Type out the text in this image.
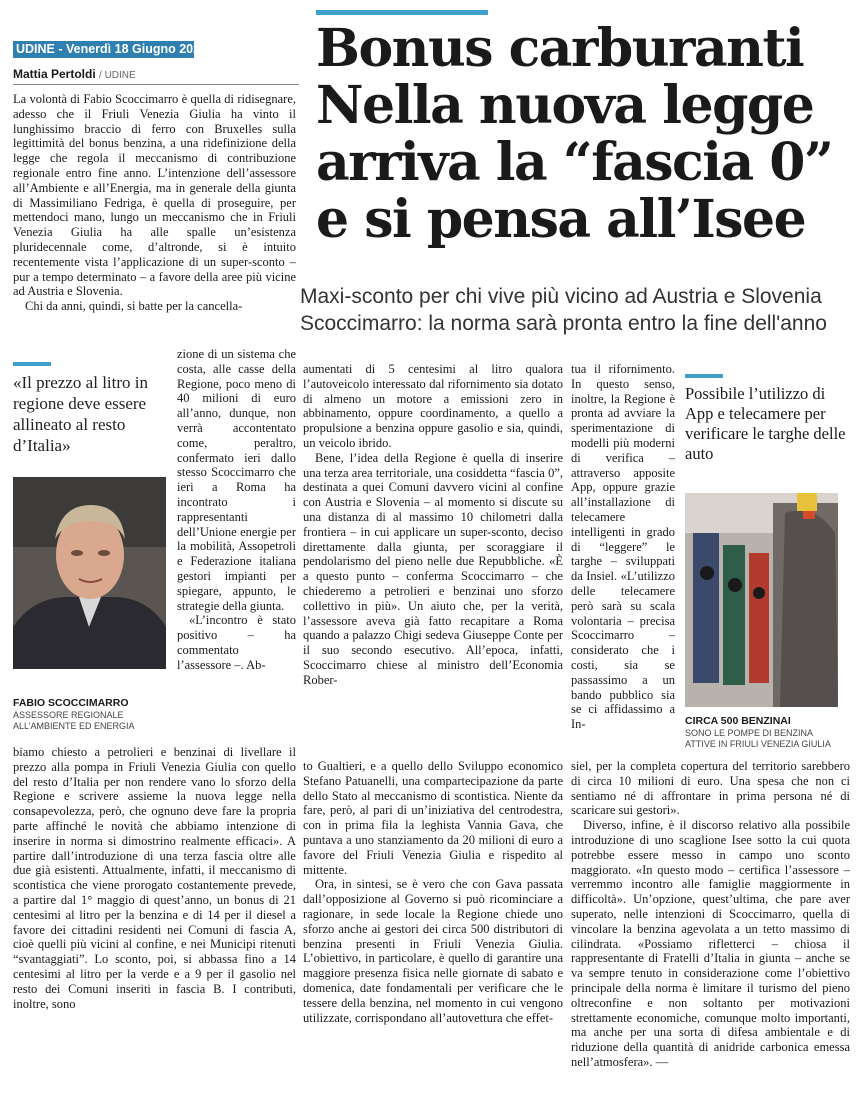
UDINE - Venerdì 18 Giugno 2021
Mattia Pertoldi / UDINE	Bonus carburanti Nella nuova legge arriva la “fascia 0” e si pensa all’Isee
Maxi-sconto per chi vive più vicino ad Austria e Slovenia
Scoccimarro: la norma sarà pronta entro la fine dell'anno

La volontà di Fabio Scoccimarro è quella di ridisegnare, adesso che il Friuli Venezia Giulia ha vinto il lunghissimo braccio di ferro con Bruxelles sulla legittimità del bonus benzina, a una ridefinizione della legge che regola il meccanismo di contribuzione regionale entro fine anno. L’intenzione dell’assessore all’Ambiente e all’Energia, ma in generale della giunta di Massimiliano Fedriga, è quella di proseguire, per mettendoci mano, lungo un meccanismo che in Friuli Venezia Giulia ha alle spalle un’esistenza pluridecennale come, d’altronde, si è intuito recentemente vista l’applicazione di un super-sconto – pur a tempo determinato – a favore della aree più vicine ad Austria e Slovenia.

Chi da anni, quindi, si batte per la cancella-

«Il prezzo al litro in regione deve essere allineato al resto d’Italia»
FABIO SCOCCIMARRO
ASSESSORE REGIONALE
ALL’AMBIENTE ED ENERGIA

zione di un sistema che costa, alle casse della Regione, poco meno di 40 milioni di euro all’anno, dunque, non verrà accontentato come, peraltro, confermato ieri dallo stesso Scoccimarro che ieri a Roma ha incontrato i rappresentanti dell’Unione energie per la mobilità, Assopetroli e Federazione italiana gestori impianti per spiegare, appunto, le strategie della giunta.

«L’incontro è stato positivo – ha commentato l’assessore –. Ab-

biamo chiesto a petrolieri e benzinai di livellare il prezzo alla pompa in Friuli Venezia Giulia con quello del resto d’Italia per non rendere vano lo sforzo della Regione e scrivere assieme la nuova legge nella consapevolezza, però, che ognuno deve fare la propria parte affinché le novità che abbiamo intenzione di inserire in norma si dimostrino realmente efficaci». A partire dall’introduzione di una terza fascia oltre alle due già esistenti. Attualmente, infatti, il meccanismo di scontistica che viene prorogato costantemente prevede, a partire dal 1° maggio di quest’anno, un bonus di 21 centesimi al litro per la benzina e di 14 per il diesel a favore dei cittadini residenti nei Comuni di fascia A, cioè quelli più vicini al confine, e nei Municipi ritenuti “svantaggiati”. Lo sconto, poi, si abbassa fino a 14 centesimi al litro per la verde e a 9 per il gasolio nel resto dei Comuni inseriti in fascia B. I contributi, inoltre, sono

aumentati di 5 centesimi al litro qualora l’autoveicolo interessato dal rifornimento sia dotato di almeno un motore a emissioni zero in abbinamento, oppure coordinamento, a quello a propulsione a benzina oppure gasolio e sia, quindi, un veicolo ibrido.

Bene, l’idea della Regione è quella di inserire una terza area territoriale, una cosiddetta “fascia 0”, destinata a quei Comuni davvero vicini al confine con Austria e Slovenia – al momento si discute su una distanza di al massimo 10 chilometri dalla frontiera – in cui applicare un super-sconto, deciso direttamente dalla giunta, per scoraggiare il pendolarismo del pieno nelle due Repubbliche. «È a questo punto – conferma Scoccimarro – che chiederemo a petrolieri e benzinai uno sforzo collettivo in più». Un aiuto che, per la verità, l’assessore aveva già fatto recapitare a Roma quando a palazzo Chigi sedeva Giuseppe Conte per il suo secondo esecutivo. All’epoca, infatti, Scoccimarro chiese al ministro dell’Economia Rober-

to Gualtieri, e a quello dello Sviluppo economico Stefano Patuanelli, una compartecipazione da parte dello Stato al meccanismo di scontistica. Niente da fare, però, al pari di un’iniziativa del centrodestra, con in prima fila la leghista Vannia Gava, che puntava a uno stanziamento da 20 milioni di euro a favore del Friuli Venezia Giulia e rispedito al mittente.

Ora, in sintesi, se è vero che con Gava passata dall’opposizione al Governo si può ricominciare a ragionare, in sede locale la Regione chiede uno sforzo anche ai gestori dei circa 500 distributori di benzina presenti in Friuli Venezia Giulia. L’obiettivo, in particolare, è quello di garantire una maggiore presenza fisica nelle giornate di sabato e domenica, date fondamentali per verificare che le tessere della benzina, nel momento in cui vengono utilizzate, corrispondano all’autovettura che effet-

tua il rifornimento. In questo senso, inoltre, la Regione è pronta ad avviare la sperimentazione di modelli più moderni di verifica – attraverso apposite App, oppure grazie all’installazione di telecamere intelligenti in grado di “leggere” le targhe – sviluppati da Insiel. «L’utilizzo delle telecamere però sarà su scala volontaria – precisa Scoccimarro – considerato che i costi, sia se passassimo a un bando pubblico sia se ci affidassimo a In-

Possibile l’utilizzo di App e telecamere per verificare le targhe delle auto
CIRCA 500 BENZINAI
SONO LE POMPE DI BENZINA
ATTIVE IN FRIULI VENEZIA GIULIA

siel, per la completa copertura del territorio sarebbero di circa 10 milioni di euro. Una spesa che non ci sentiamo né di affrontare in prima persona né di scaricare sui gestori».

Diverso, infine, è il discorso relativo alla possibile introduzione di uno scaglione Isee sotto la cui quota potrebbe essere messo in campo uno sconto maggiorato. «In questo modo – certifica l’assessore – verremmo incontro alle famiglie maggiormente in difficoltà». Un’opzione, quest’ultima, che pare aver superato, nelle intenzioni di Scoccimarro, quella di vincolare la benzina agevolata a un tetto massimo di cilindrata. «Possiamo rifletterci – chiosa il rappresentante di Fratelli d’Italia in giunta – anche se va sempre tenuto in considerazione come l’obiettivo principale della norma è limitare il turismo del pieno oltreconfine e non soltanto per motivazioni strettamente economiche, comunque molto importanti, ma anche per una sorta di difesa ambientale e di riduzione della quantità di anidride carbonica emessa nell’atmosfera». —
